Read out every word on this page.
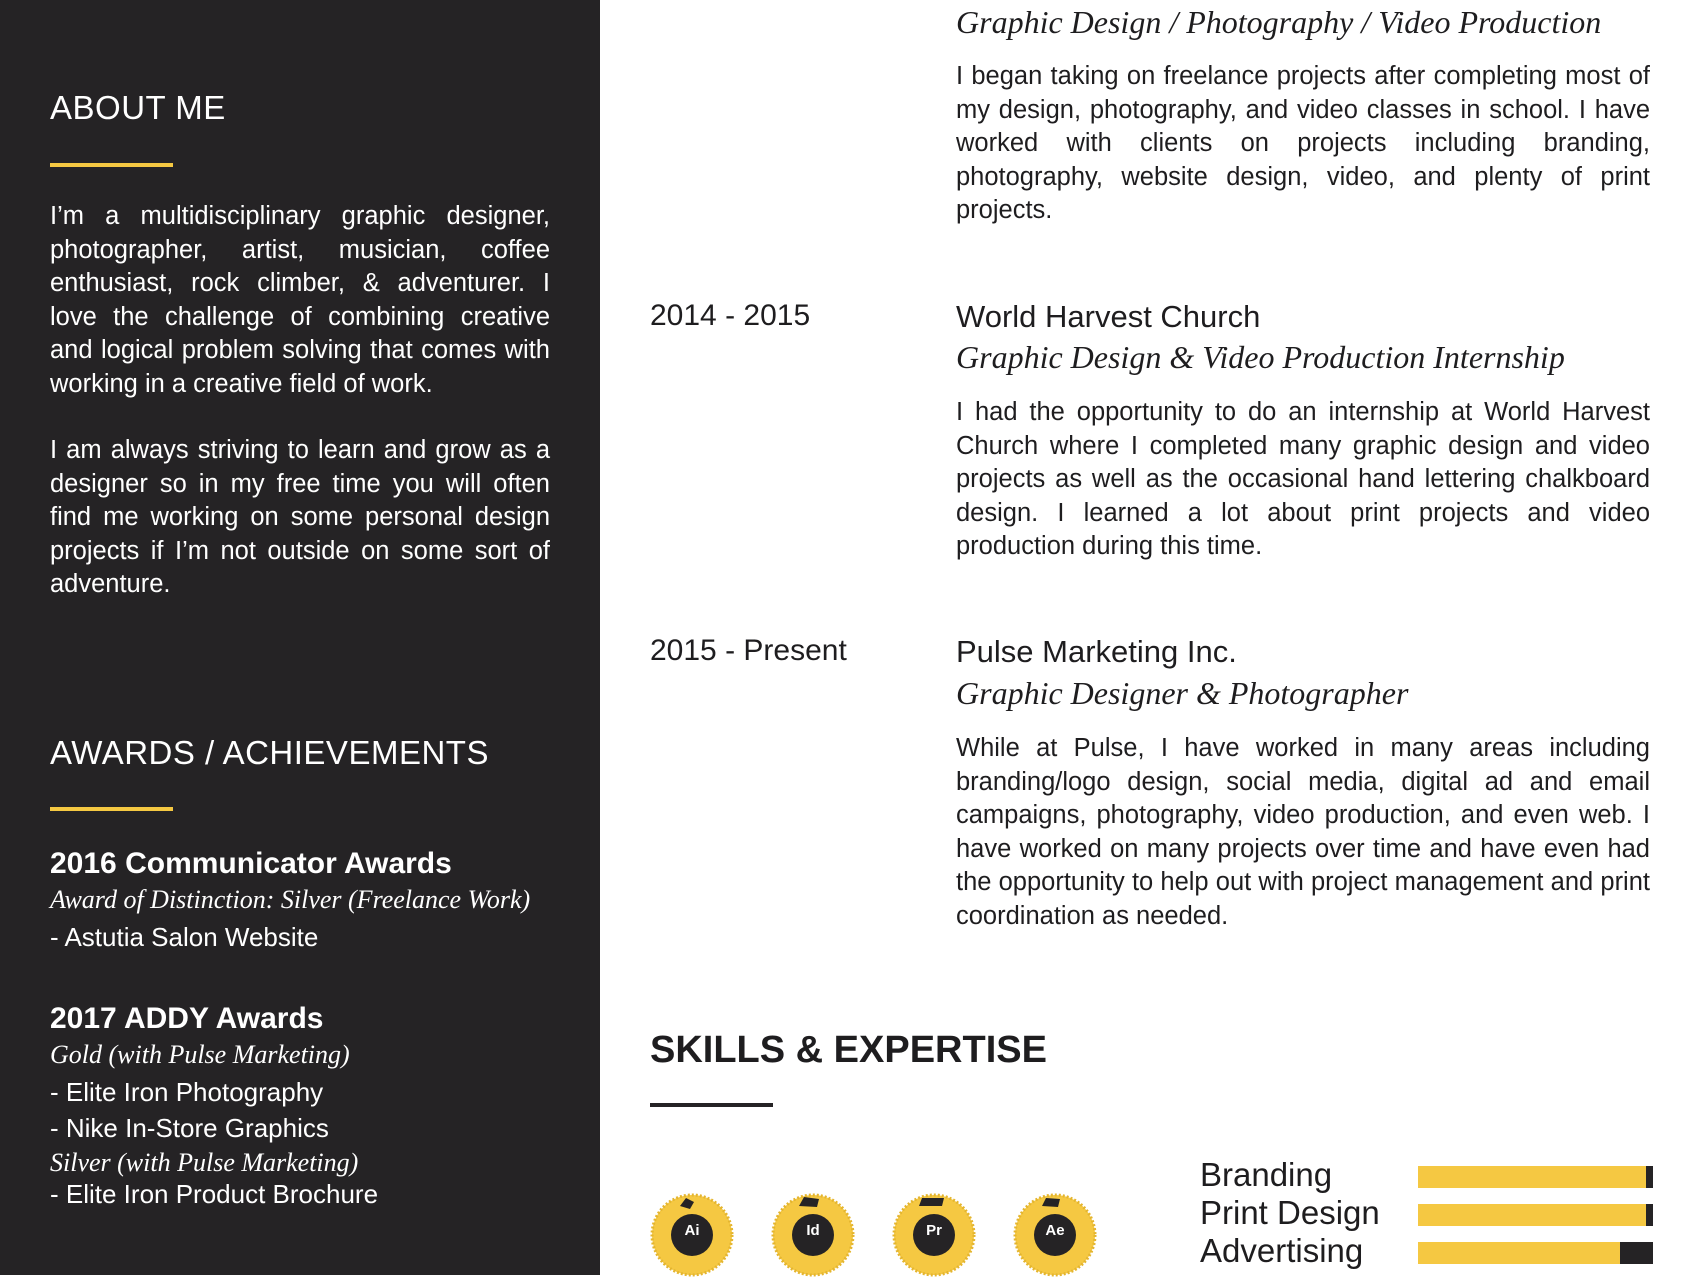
ABOUT ME

I’m a multidisciplinary graphic designer, photographer, artist, musician, coffee enthusiast, rock climber, & adventurer. I love the challenge of combining creative and logical problem solving that comes with working in a creative field of work.

I am always striving to learn and grow as a designer so in my free time you will often find me working on some personal design projects if I’m not outside on some sort of adventure.

AWARDS / ACHIEVEMENTS
2016 Communicator Awards

Award of Distinction: Silver (Freelance Work)

- Astutia Salon Website

2017 ADDY Awards

Gold (with Pulse Marketing)

- Elite Iron Photography

- Nike In-Store Graphics

Silver (with Pulse Marketing)

- Elite Iron Product Brochure

Graphic Design / Photography / Video Production

I began taking on freelance projects after completing most of my design, photography, and video classes in school. I have worked with clients on projects including branding, photography, website design, video, and plenty of print projects.

2014 - 2015	World Harvest Church

Graphic Design & Video Production Internship

I had the opportunity to do an internship at World Harvest Church where I completed many graphic design and video projects as well as the occasional hand lettering chalkboard design. I learned a lot about print projects and video production during this time.

2015 - Present	Pulse Marketing Inc.

Graphic Designer & Photographer

While at Pulse, I have worked in many areas including branding/logo design, social media, digital ad and email campaigns, photography, video production, and even web. I have worked on many projects over time and have even had the opportunity to help out with project management and print coordination as needed.

SKILLS & EXPERTISE
Ai	Id	Pr	Ae
Branding
Print Design
Advertising
